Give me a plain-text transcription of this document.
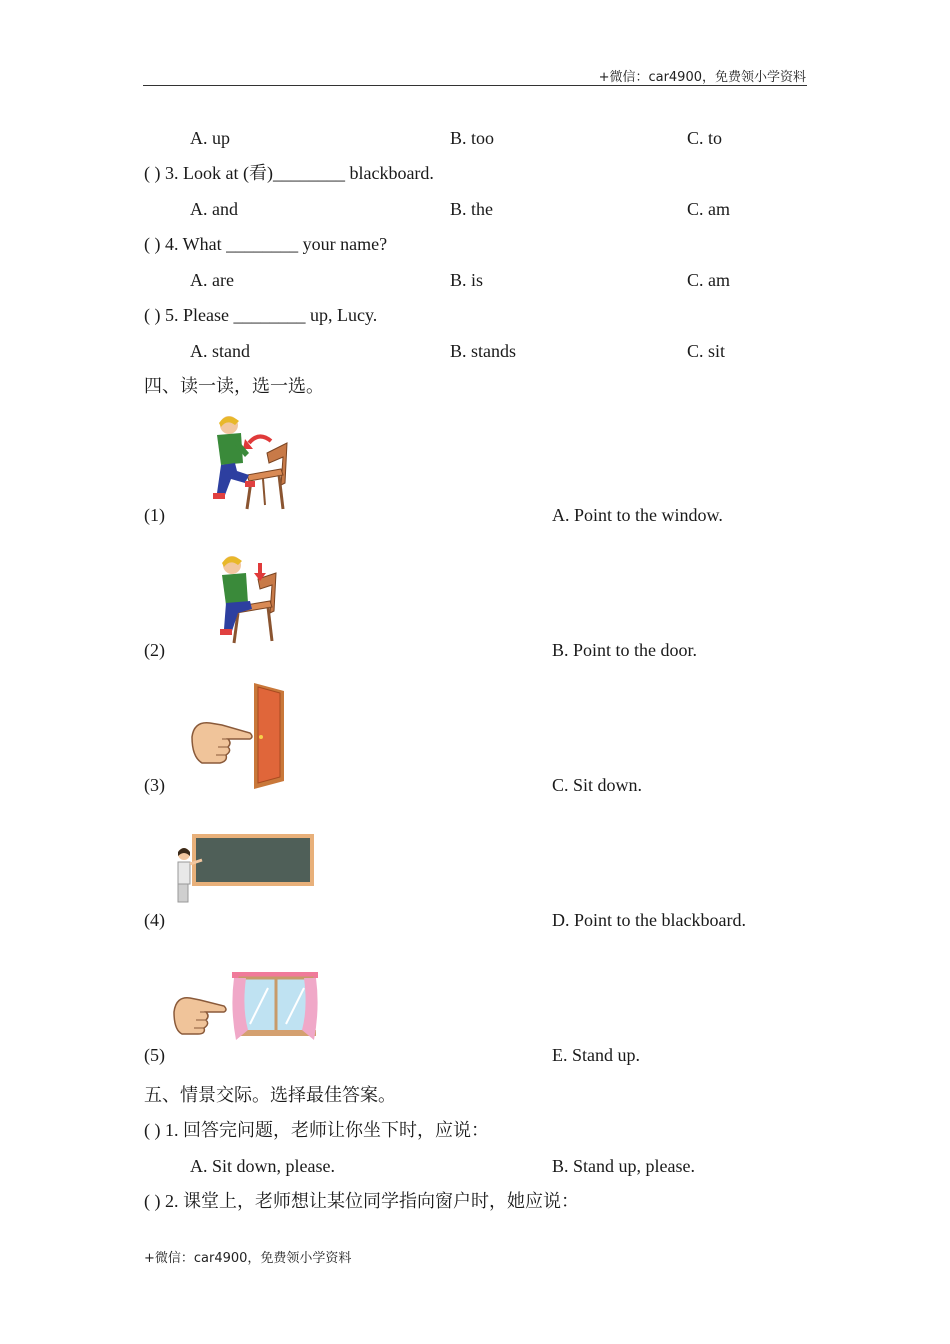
+微信：car4900，免费领小学资料
A. up	B. too	C. to
( ) 3. Look at (看)________ blackboard.
A. and	B. the	C. am
( ) 4. What ________ your name?
A. are	B. is	C. am
( ) 5. Please ________ up, Lucy.
A. stand	B. stands	C. sit
四、读一读，选一选。
(1)	A. Point to the window.
(2)	B. Point to the door.
(3)	C. Sit down.
(4)	D. Point to the blackboard.
(5)	E. Stand up.
五、情景交际。选择最佳答案。
( ) 1. 回答完问题，老师让你坐下时，应说：
A. Sit down, please.	B. Stand up, please.
( ) 2. 课堂上，老师想让某位同学指向窗户时，她应说：
+微信：car4900，免费领小学资料
